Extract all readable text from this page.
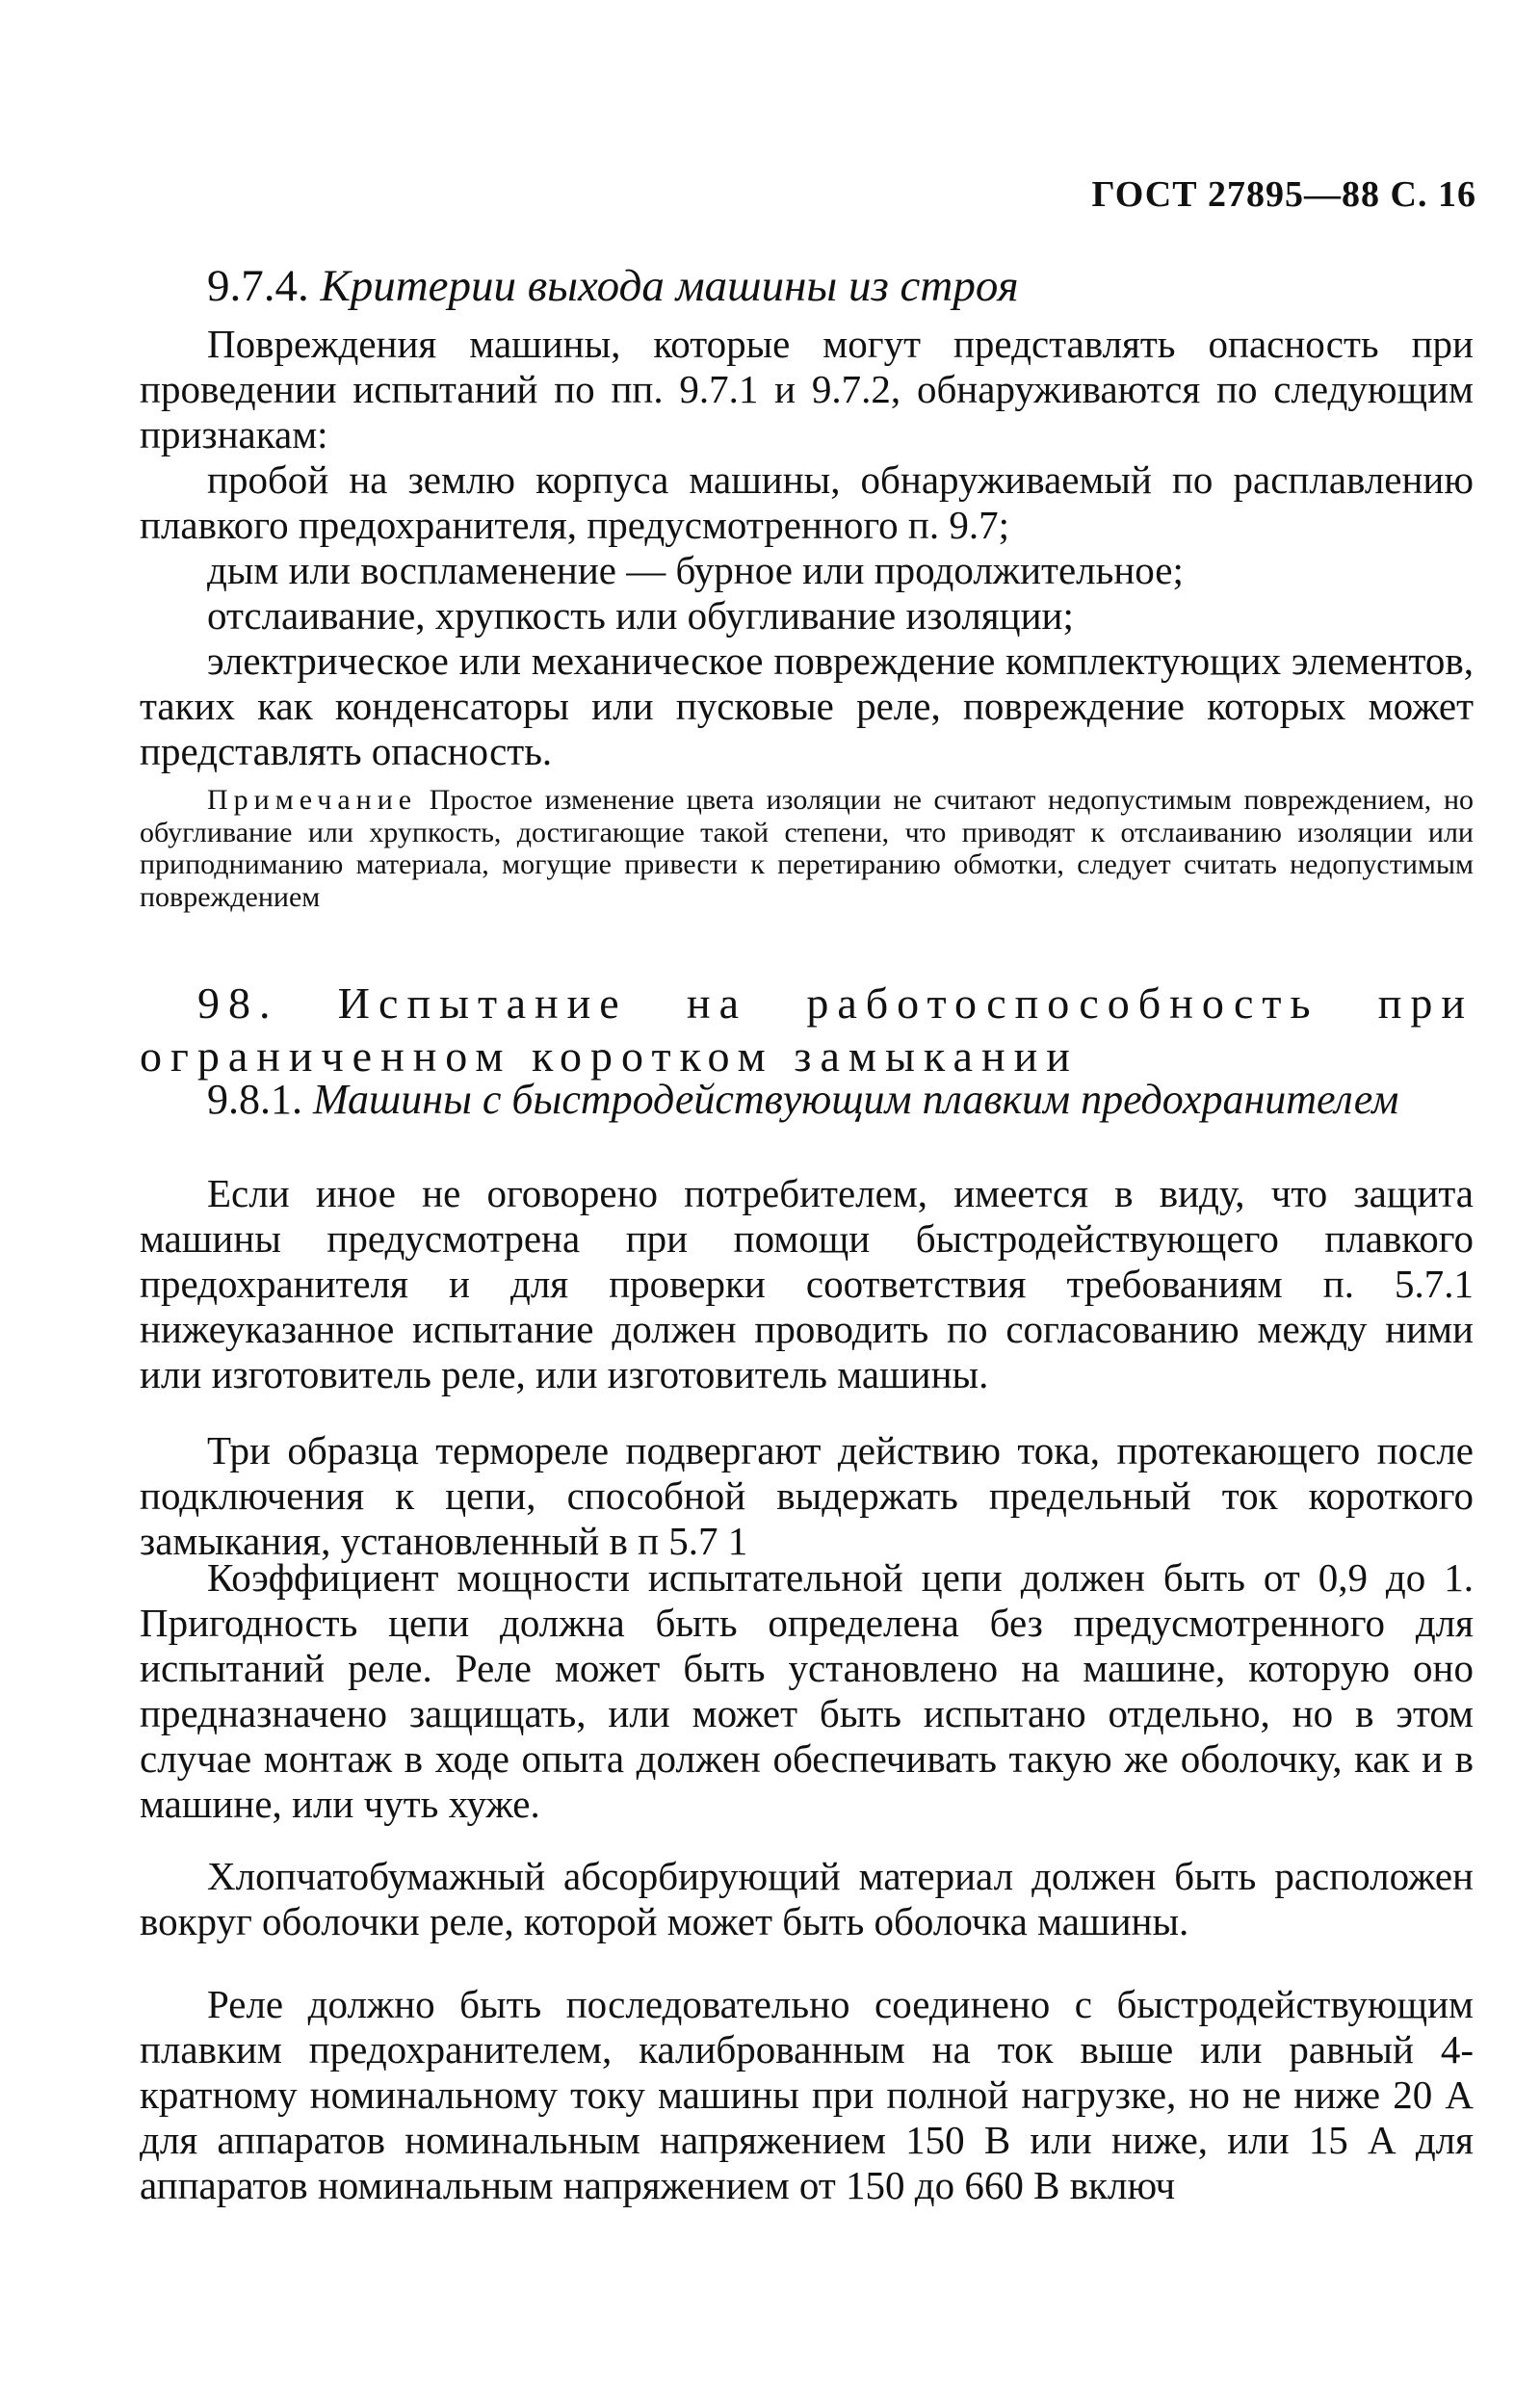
ГОСТ 27895—88 С. 16
9.7.4. Критерии выхода машины из строя

Повреждения машины, которые могут представлять опасность при проведении испытаний по пп. 9.7.1 и 9.7.2, обнаруживаются по следующим признакам:

пробой на землю корпуса машины, обнаруживаемый по расплавлению плавкого предохранителя, предусмотренного п. 9.7;

дым или воспламенение — бурное или продолжительное;

отслаивание, хрупкость или обугливание изоляции;

электрическое или механическое повреждение комплектующих элементов, таких как конденсаторы или пусковые реле, повреждение которых может представлять опасность.

Примечание Простое изменение цвета изоляции не считают недопустимым повреждением, но обугливание или хрупкость, достигающие такой степени, что приводят к отслаиванию изоляции или приподниманию материала, могущие привести к перетиранию обмотки, следует считать недопустимым повреждением

98. Испытание на работоспособность при ограниченном коротком замыкании

9.8.1. Машины с быстродействующим плавким предохранителем

Если иное не оговорено потребителем, имеется в виду, что защита машины предусмотрена при помощи быстродействующего плавкого предохранителя и для проверки соответствия требованиям п. 5.7.1 нижеуказанное испытание должен проводить по согласованию между ними или изготовитель реле, или изготовитель машины.

Три образца термореле подвергают действию тока, протекающего после подключения к цепи, способной выдержать предельный ток короткого замыкания, установленный в п 5.7 1

Коэффициент мощности испытательной цепи должен быть от 0,9 до 1. Пригодность цепи должна быть определена без предусмотренного для испытаний реле. Реле может быть установлено на машине, которую оно предназначено защищать, или может быть испытано отдельно, но в этом случае монтаж в ходе опыта должен обеспечивать такую же оболочку, как и в машине, или чуть хуже.

Хлопчатобумажный абсорбирующий материал должен быть расположен вокруг оболочки реле, которой может быть оболочка машины.

Реле должно быть последовательно соединено с быстродействующим плавким предохранителем, калиброванным на ток выше или равный 4-кратному номинальному току машины при полной нагрузке, но не ниже 20 А для аппаратов номинальным напряжением 150 В или ниже, или 15 А для аппаратов номинальным напряжением от 150 до 660 В включ
